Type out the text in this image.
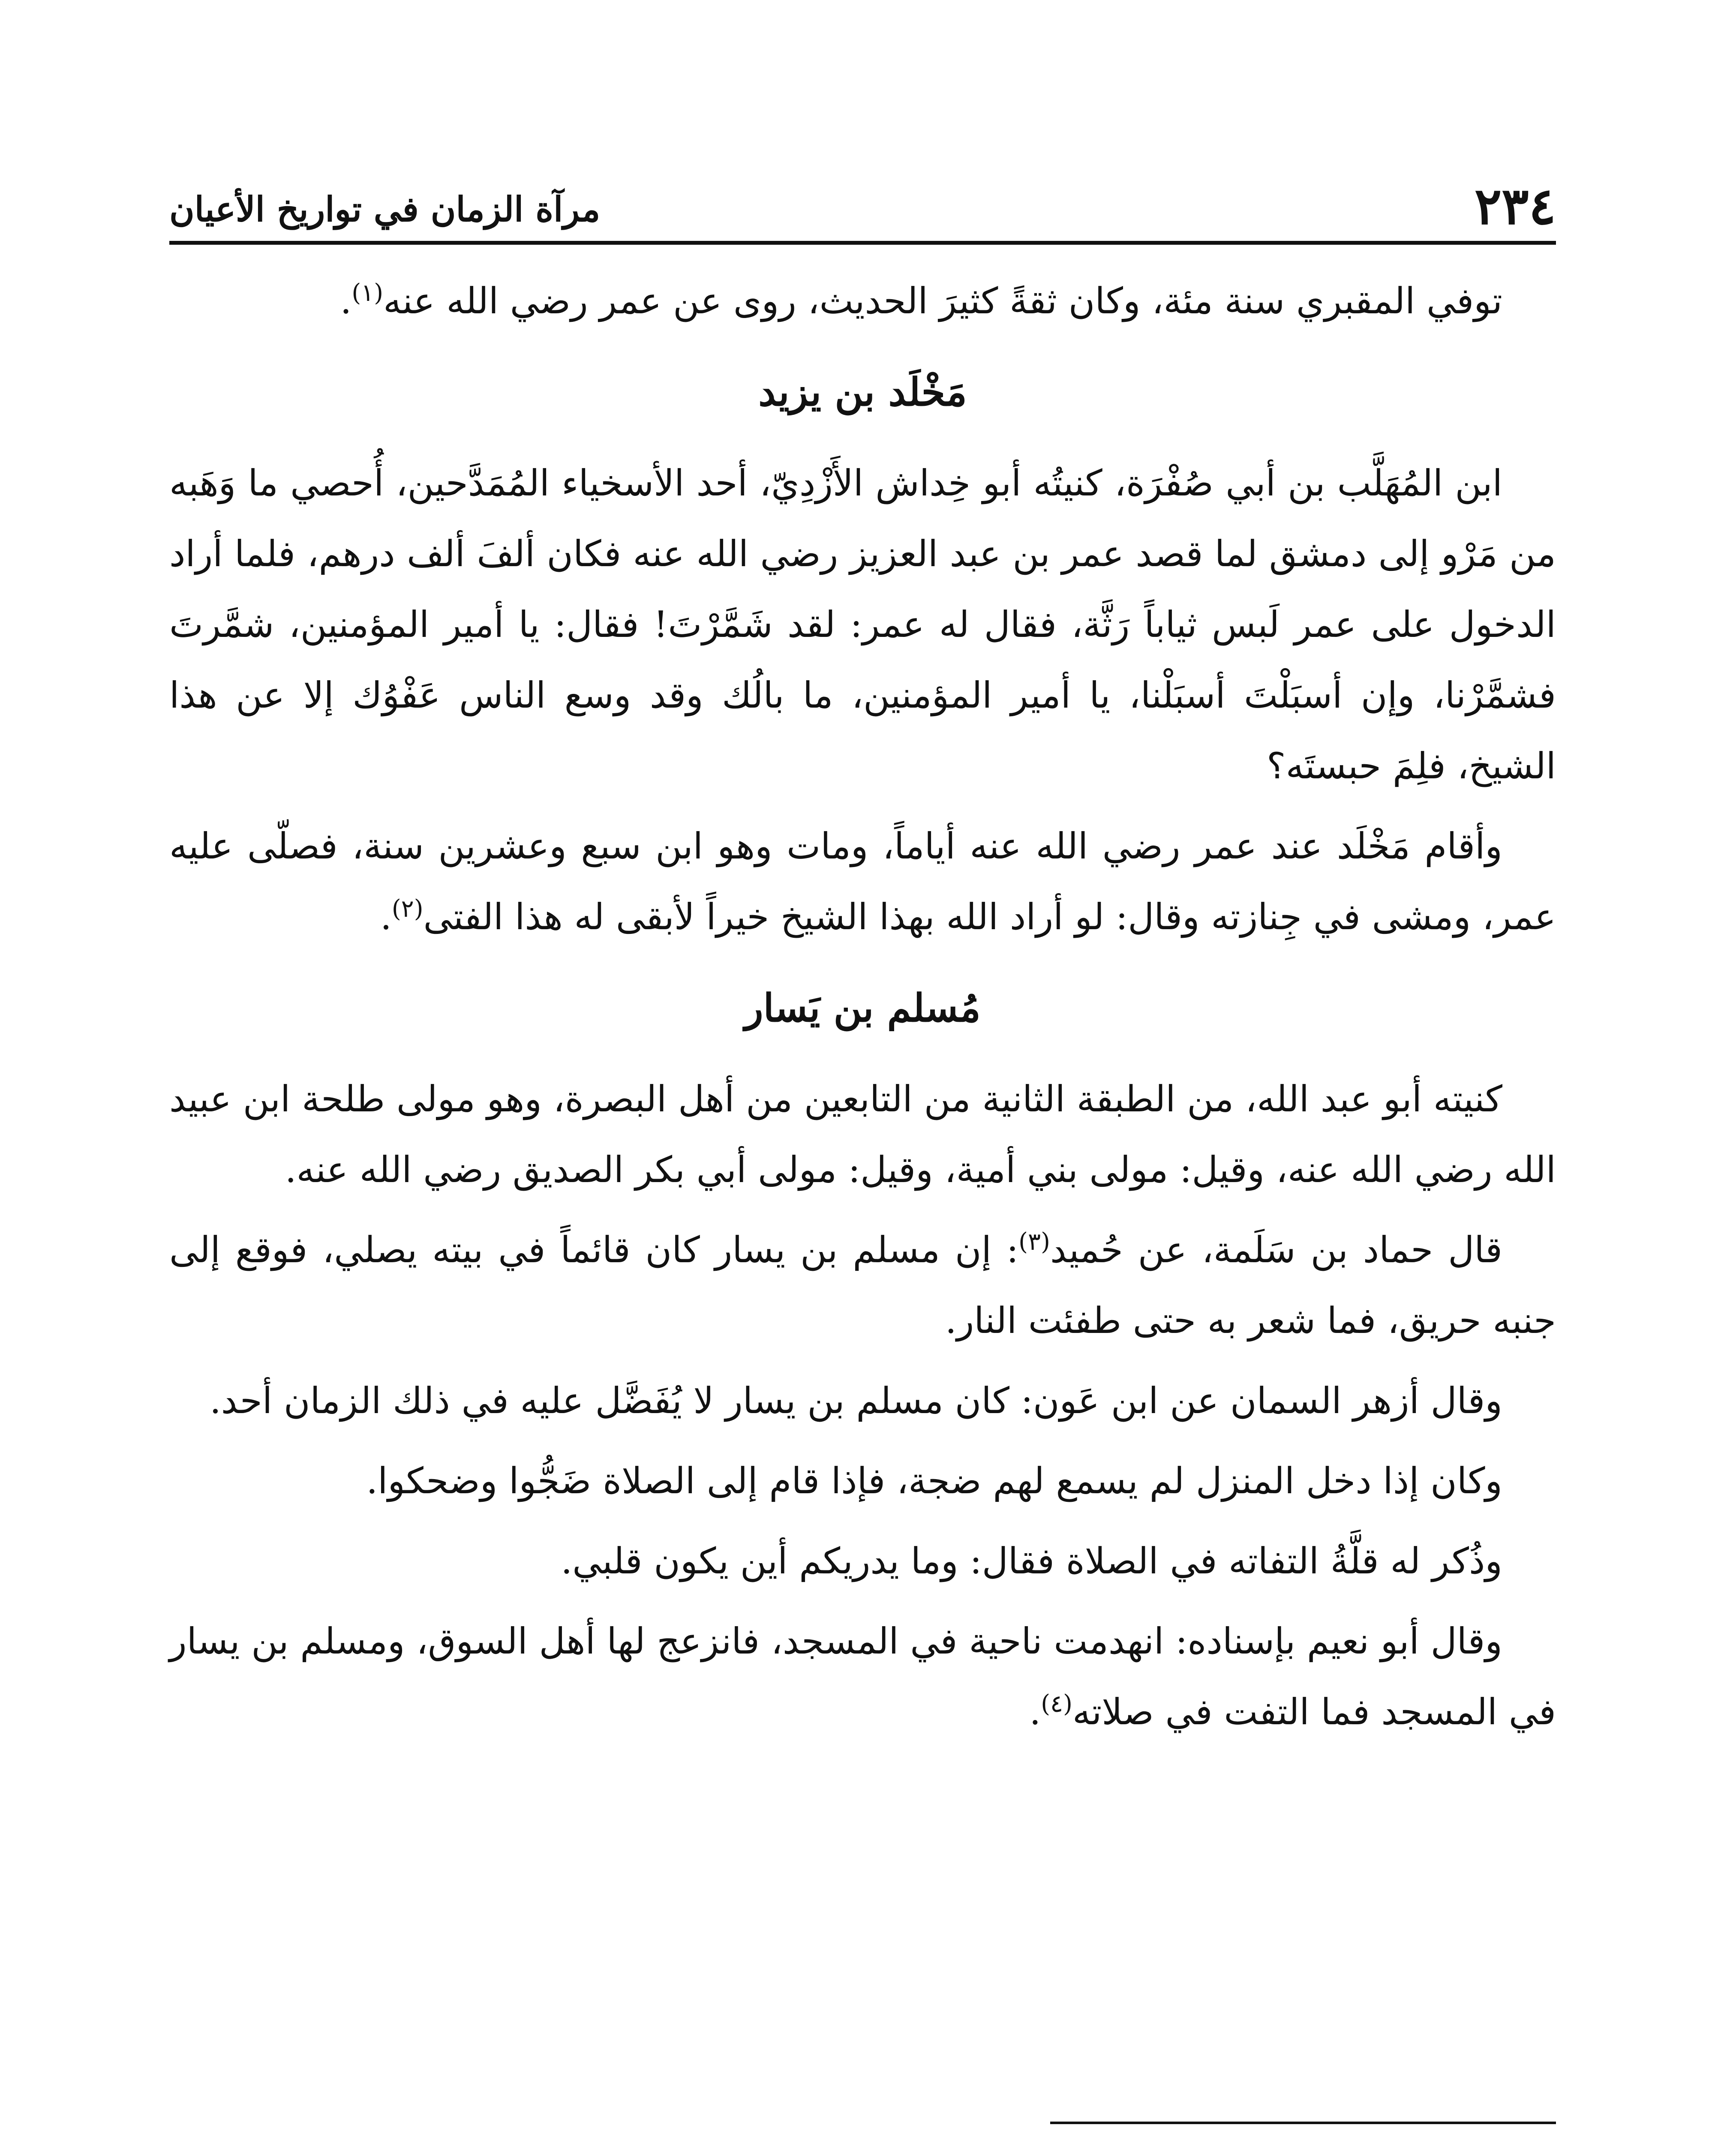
٢٣٤
مرآة الزمان في تواريخ الأعيان

توفي المقبري سنة مئة، وكان ثقةً كثيرَ الحديث، روى عن عمر رضي الله عنه$^{(١)}$.

مَخْلَد بن يزيد

ابن المُهَلَّب بن أبي صُفْرَة، كنيتُه أبو خِداش الأَزْدِيّ، أحد الأسخياء المُمَدَّحين، أُحصي ما وَهَبه من مَرْو إلى دمشق لما قصد عمر بن عبد العزيز رضي الله عنه فكان ألفَ ألف درهم، فلما أراد الدخول على عمر لَبس ثياباً رَثَّة، فقال له عمر: لقد شَمَّرْتَ! فقال: يا أمير المؤمنين، شمَّرتَ فشمَّرْنا، وإن أسبَلْتَ أسبَلْنا، يا أمير المؤمنين، ما بالُك وقد وسع الناس عَفْوُك إلا عن هذا الشيخ، فلِمَ حبستَه؟

وأقام مَخْلَد عند عمر رضي الله عنه أياماً، ومات وهو ابن سبع وعشرين سنة، فصلّى عليه عمر، ومشى في جِنازته وقال: لو أراد الله بهذا الشيخ خيراً لأبقى له هذا الفتى$^{(٢)}$.

مُسلم بن يَسار

كنيته أبو عبد الله، من الطبقة الثانية من التابعين من أهل البصرة، وهو مولى طلحة ابن عبيد الله رضي الله عنه، وقيل: مولى بني أمية، وقيل: مولى أبي بكر الصديق رضي الله عنه.

قال حماد بن سَلَمة، عن حُميد$^{(٣)}$: إن مسلم بن يسار كان قائماً في بيته يصلي، فوقع إلى جنبه حريق، فما شعر به حتى طفئت النار.

وقال أزهر السمان عن ابن عَون: كان مسلم بن يسار لا يُفَضَّل عليه في ذلك الزمان أحد.

وكان إذا دخل المنزل لم يسمع لهم ضجة، فإذا قام إلى الصلاة ضَجُّوا وضحكوا.

وذُكر له قلَّةُ التفاته في الصلاة فقال: وما يدريكم أين يكون قلبي.

وقال أبو نعيم بإسناده: انهدمت ناحية في المسجد، فانزعج لها أهل السوق، ومسلم بن يسار في المسجد فما التفت في صلاته$^{(٤)}$.
